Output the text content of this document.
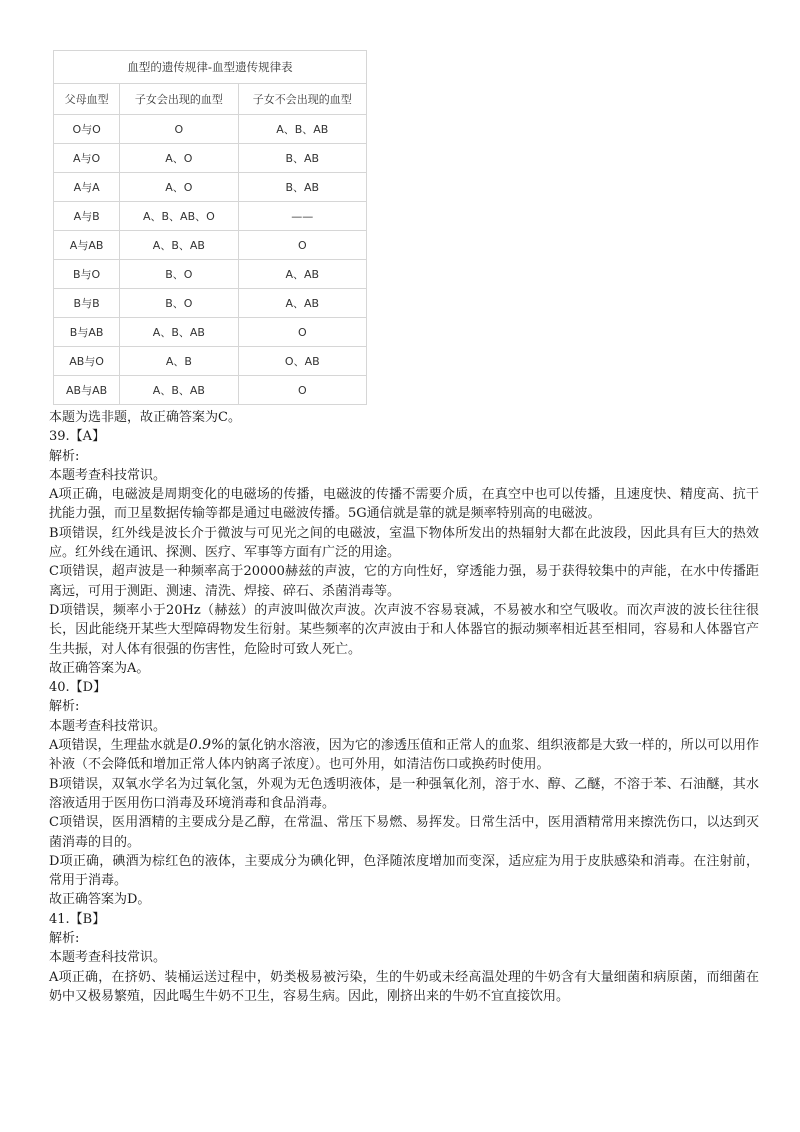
血型的遗传规律-血型遗传规律表		
父母血型	子女会出现的血型	子女不会出现的血型
O与O	O	A、B、AB
A与O	A、O	B、AB
A与A	A、O	B、AB
A与B	A、B、AB、O	——
A与AB	A、B、AB	O
B与O	B、O	A、AB
B与B	B、O	A、AB
B与AB	A、B、AB	O
AB与O	A、B	O、AB
AB与AB	A、B、AB	O

本题为选非题，故正确答案为C。

39.【A】

解析:

本题考查科技常识。

A项正确，电磁波是周期变化的电磁场的传播，电磁波的传播不需要介质，在真空中也可以传播，且速度快、精度高、抗干扰能力强，而卫星数据传输等都是通过电磁波传播。5G通信就是靠的就是频率特别高的电磁波。

B项错误，红外线是波长介于微波与可见光之间的电磁波，室温下物体所发出的热辐射大都在此波段，因此具有巨大的热效应。红外线在通讯、探测、医疗、军事等方面有广泛的用途。

C项错误，超声波是一种频率高于20000赫兹的声波，它的方向性好，穿透能力强，易于获得较集中的声能，在水中传播距离远，可用于测距、测速、清洗、焊接、碎石、杀菌消毒等。

D项错误，频率小于20Hz（赫兹）的声波叫做次声波。次声波不容易衰减，不易被水和空气吸收。而次声波的波长往往很长，因此能绕开某些大型障碍物发生衍射。某些频率的次声波由于和人体器官的振动频率相近甚至相同，容易和人体器官产生共振，对人体有很强的伤害性，危险时可致人死亡。

故正确答案为A。

40.【D】

解析:

本题考查科技常识。

A项错误，生理盐水就是0.9%的氯化钠水溶液，因为它的渗透压值和正常人的血浆、组织液都是大致一样的，所以可以用作补液（不会降低和增加正常人体内钠离子浓度）。也可外用，如清洁伤口或换药时使用。

B项错误，双氧水学名为过氧化氢，外观为无色透明液体，是一种强氧化剂，溶于水、醇、乙醚，不溶于苯、石油醚，其水溶液适用于医用伤口消毒及环境消毒和食品消毒。

C项错误，医用酒精的主要成分是乙醇，在常温、常压下易燃、易挥发。日常生活中，医用酒精常用来擦洗伤口，以达到灭菌消毒的目的。

D项正确，碘酒为棕红色的液体，主要成分为碘化钾，色泽随浓度增加而变深，适应症为用于皮肤感染和消毒。在注射前，常用于消毒。

故正确答案为D。

41.【B】

解析:

本题考查科技常识。

A项正确，在挤奶、装桶运送过程中，奶类极易被污染，生的牛奶或未经高温处理的牛奶含有大量细菌和病原菌，而细菌在奶中又极易繁殖，因此喝生牛奶不卫生，容易生病。因此，刚挤出来的牛奶不宜直接饮用。
